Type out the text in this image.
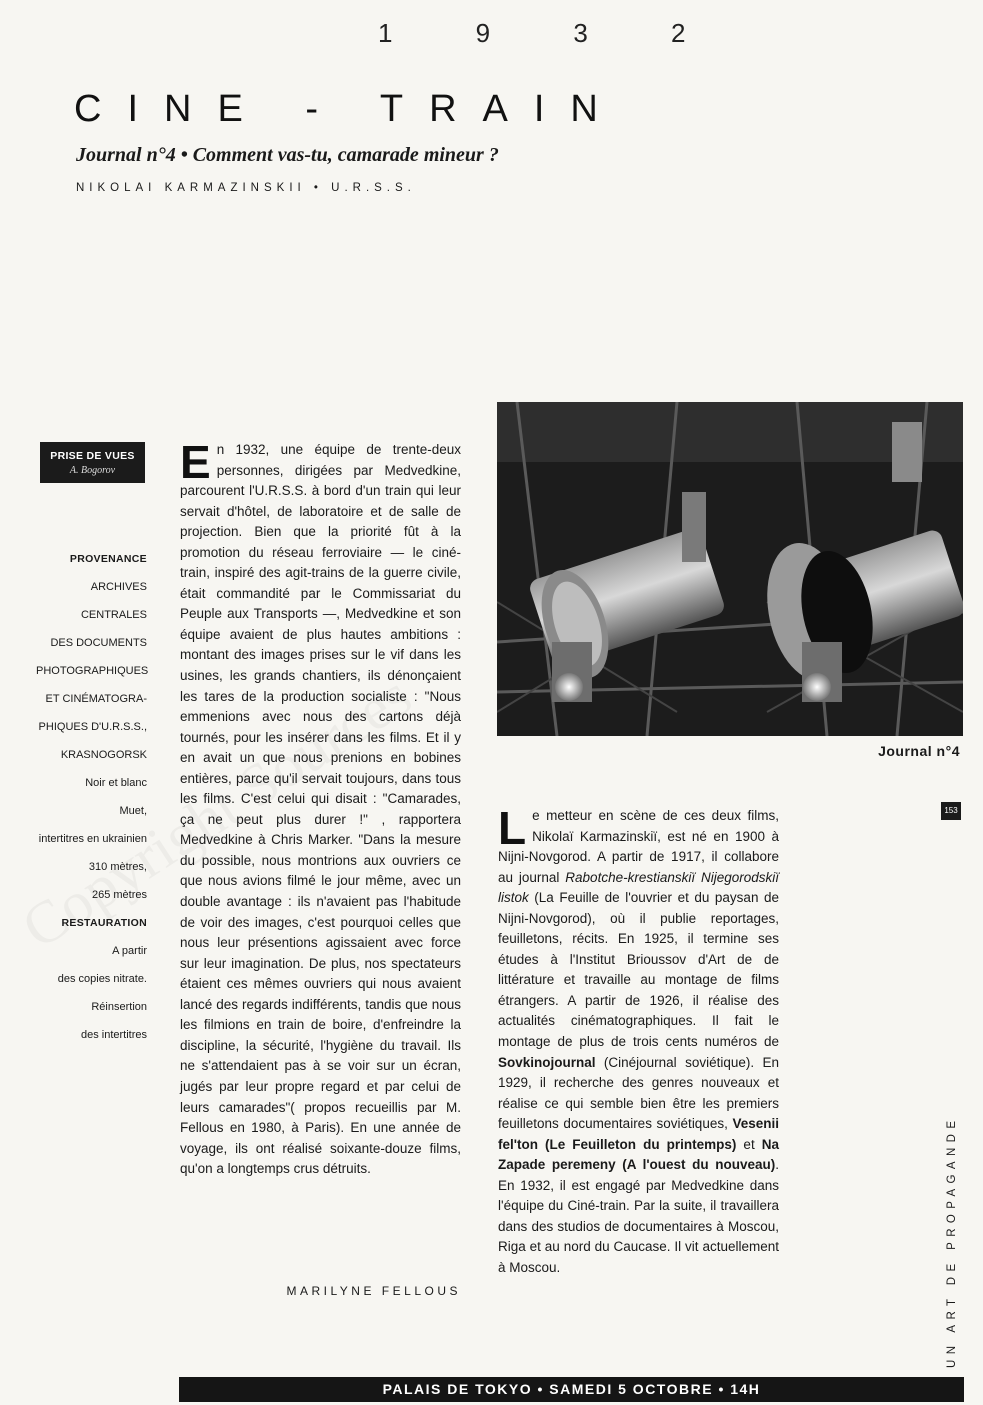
1 9 3 2
CINE - TRAIN
Journal n°4 • Comment vas-tu, camarade mineur ?
NIKOLAI KARMAZINSKII • U.R.S.S.
PRISE DE VUES
A. Bogorov
PROVENANCE
ARCHIVES
CENTRALES
DES DOCUMENTS
PHOTOGRAPHIQUES
ET CINÉMATOGRA-
PHIQUES D'U.R.S.S.,
KRASNOGORSK
Noir et blanc
Muet,
intertitres en ukrainien
310 mètres,
265 mètres
RESTAURATION
A partir
des copies nitrate.
Réinsertion
des intertitres
E n 1932, une équipe de trente-deux personnes, dirigées par Medvedkine, parcourent l'U.R.S.S. à bord d'un train qui leur servait d'hôtel, de laboratoire et de salle de projection. Bien que la priorité fût à la promotion du réseau ferroviaire — le ciné-train, inspiré des agit-trains de la guerre civile, était commandité par le Commissariat du Peuple aux Transports —, Medvedkine et son équipe avaient de plus hautes ambitions : montant des images prises sur le vif dans les usines, les grands chantiers, ils dénonçaient les tares de la production socialiste : "Nous emmenions avec nous des cartons déjà tournés, pour les insérer dans les films. Et il y en avait un que nous prenions en bobines entières, parce qu'il servait toujours, dans tous les films. C'est celui qui disait : "Camarades, ça ne peut plus durer !" , rapportera Medvedkine à Chris Marker. "Dans la mesure du possible, nous montrions aux ouvriers ce que nous avions filmé le jour même, avec un double avantage : ils n'avaient pas l'habitude de voir des images, c'est pourquoi celles que nous leur présentions agissaient avec force sur leur imagination. De plus, nos spectateurs étaient ces mêmes ouvriers qui nous avaient lancé des regards indifférents, tandis que nous les filmions en train de boire, d'enfreindre la discipline, la sécurité, l'hygiène du travail. Ils ne s'attendaient pas à se voir sur un écran, jugés par leur propre regard et par celui de leurs camarades"( propos recueillis par M. Fellous en 1980, à Paris). En une année de voyage, ils ont réalisé soixante-douze films, qu'on a longtemps crus détruits.

MARILYNE FELLOUS
Journal n°4
153
L e metteur en scène de ces deux films, Nikolaï Karmazinskiï, est né en 1900 à Nijni-Novgorod. A partir de 1917, il collabore au journal Rabotche-krestianskiï Nijegorodskiï listok (La Feuille de l'ouvrier et du paysan de Nijni-Novgorod), où il publie reportages, feuilletons, récits. En 1925, il termine ses études à l'Institut Brioussov d'Art de de littérature et travaille au montage de films étrangers. A partir de 1926, il réalise des actualités cinématographiques. Il fait le montage de plus de trois cents numéros de Sovkinojournal (Cinéjournal soviétique). En 1929, il recherche des genres nouveaux et réalise ce qui semble bien être les premiers feuilletons documentaires soviétiques, Vesenii fel'ton (Le Feuilleton du printemps) et Na Zapade peremeny (A l'ouest du nouveau). En 1932, il est engagé par Medvedkine dans l'équipe du Ciné-train. Par la suite, il travaillera dans des studios de documentaires à Moscou, Riga et au nord du Caucase. Il vit actuellement à Moscou.	UN ART DE PROPAGANDE
PALAIS DE TOKYO • SAMEDI 5 OCTOBRE • 14H
